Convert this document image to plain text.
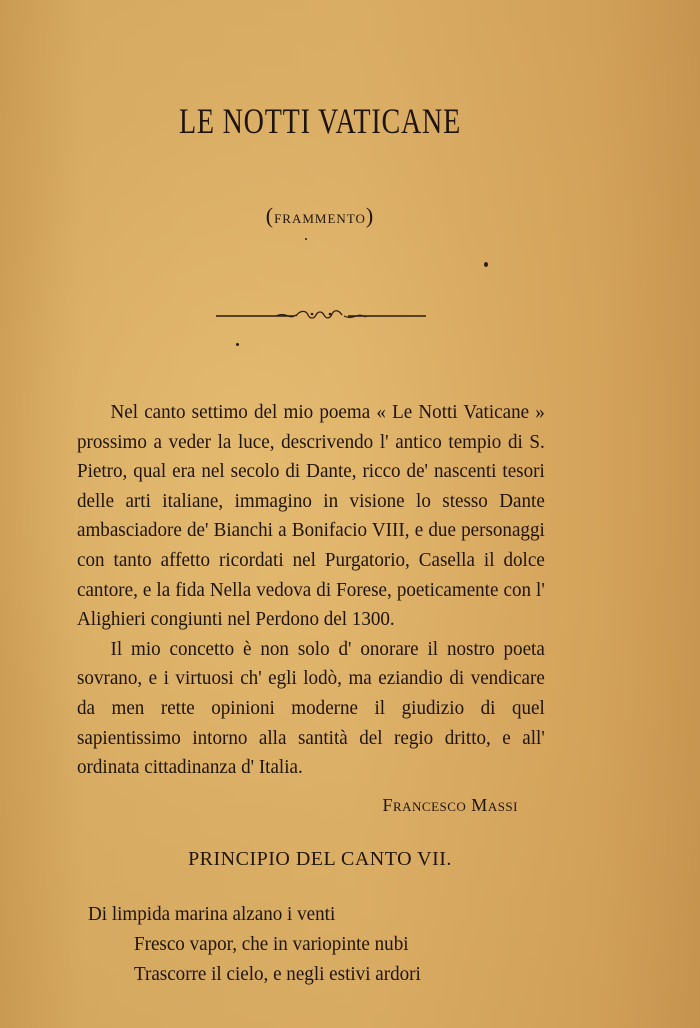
LE NOTTI VATICANE
(frammento)

Nel canto settimo del mio poema « Le Notti Vaticane » prossimo a veder la luce, descrivendo l' antico tempio di S. Pietro, qual era nel secolo di Dante, ricco de' nascenti tesori delle arti italiane, immagino in visione lo stesso Dante ambasciadore de' Bianchi a Bonifacio VIII, e due personaggi con tanto affetto ricordati nel Purgatorio, Casella il dolce cantore, e la fida Nella vedova di Forese, poeticamente con l' Alighieri congiunti nel Perdono del 1300.

Il mio concetto è non solo d' onorare il nostro poeta sovrano, e i virtuosi ch' egli lodò, ma eziandio di vendicare da men rette opinioni moderne il giudizio di quel sapientissimo intorno alla santità del regio dritto, e all' ordinata cittadinanza d' Italia.

Francesco Massi
PRINCIPIO DEL CANTO VII.
Di limpida marina alzano i venti
Fresco vapor, che in variopinte nubi
Trascorre il cielo, e negli estivi ardori
